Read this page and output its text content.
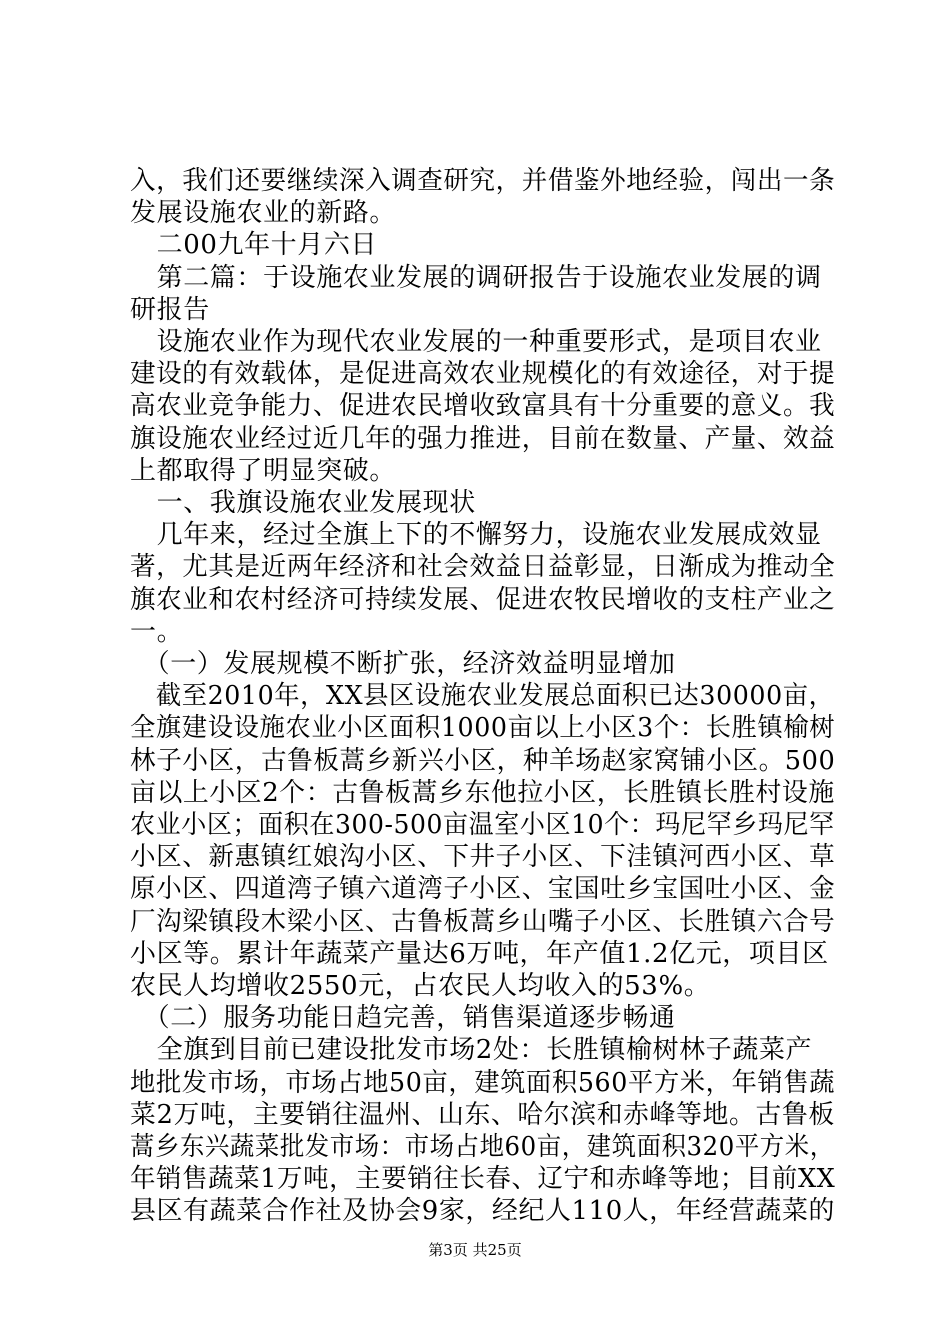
入，我们还要继续深入调查研究，并借鉴外地经验，闯出一条
发展设施农业的新路。
　二00九年十月六日
　第二篇：于设施农业发展的调研报告于设施农业发展的调
研报告
　设施农业作为现代农业发展的一种重要形式，是项目农业
建设的有效载体，是促进高效农业规模化的有效途径，对于提
高农业竞争能力、促进农民增收致富具有十分重要的意义。我
旗设施农业经过近几年的强力推进，目前在数量、产量、效益
上都取得了明显突破。
　一、我旗设施农业发展现状
　几年来，经过全旗上下的不懈努力，设施农业发展成效显
著，尤其是近两年经济和社会效益日益彰显，日渐成为推动全
旗农业和农村经济可持续发展、促进农牧民增收的支柱产业之
一。
　（一）发展规模不断扩张，经济效益明显增加
　截至2010年，XX县区设施农业发展总面积已达30000亩，
全旗建设设施农业小区面积1000亩以上小区3个：长胜镇榆树
林子小区，古鲁板蒿乡新兴小区，种羊场赵家窝铺小区。500
亩以上小区2个：古鲁板蒿乡东他拉小区，长胜镇长胜村设施
农业小区；面积在300-500亩温室小区10个：玛尼罕乡玛尼罕
小区、新惠镇红娘沟小区、下井子小区、下洼镇河西小区、草
原小区、四道湾子镇六道湾子小区、宝国吐乡宝国吐小区、金
厂沟梁镇段木梁小区、古鲁板蒿乡山嘴子小区、长胜镇六合号
小区等。累计年蔬菜产量达6万吨，年产值1.2亿元，项目区
农民人均增收2550元，占农民人均收入的53%。
　（二）服务功能日趋完善，销售渠道逐步畅通
　全旗到目前已建设批发市场2处：长胜镇榆树林子蔬菜产
地批发市场，市场占地50亩，建筑面积560平方米，年销售蔬
菜2万吨，主要销往温州、山东、哈尔滨和赤峰等地。古鲁板
蒿乡东兴蔬菜批发市场：市场占地60亩，建筑面积320平方米，
年销售蔬菜1万吨，主要销往长春、辽宁和赤峰等地；目前XX
县区有蔬菜合作社及协会9家，经纪人110人，年经营蔬菜的
第3页 共25页
